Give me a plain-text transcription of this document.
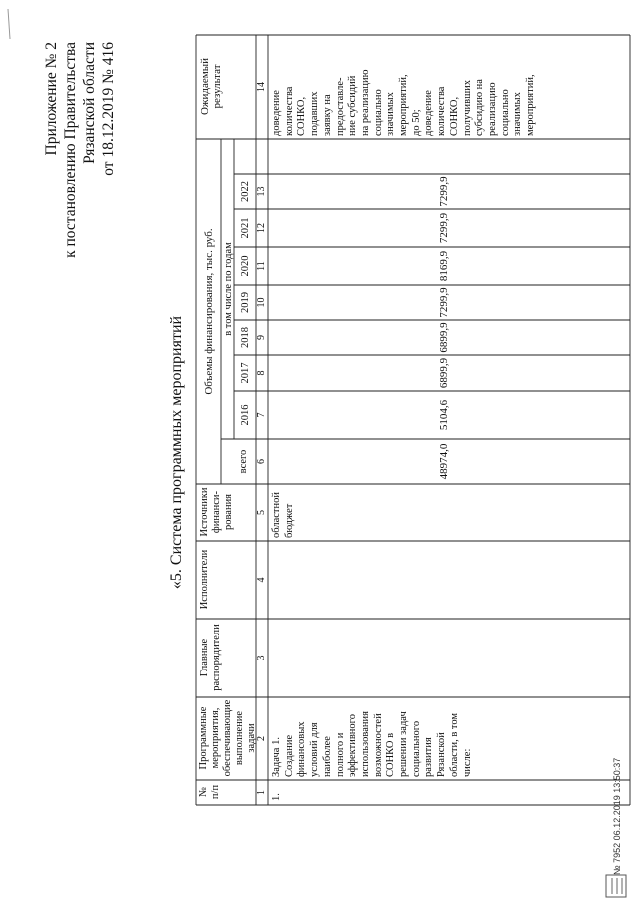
Приложение № 2 к постановлению Правительства Рязанской области от 18.12.2019 № 416
«5. Система программных мероприятий
№
п/п
Программные
мероприятия,
обеспечивающие
выполнение
задачи
Главные
распорядители
Исполнители
Источники
финанси-
рования
Объемы финансирования, тыс. руб.
всего
в том числе по годам
2016
2017
2018
2019
2020
2021
2022
Ожидаемый
результат
1
2
3
4
5
6
7
8
9
10
11
12
13
14
1.
Задача 1.
Создание
финансовых
условий для
наиболее
полного и
эффективного
использования
возможностей
СОНКО в
решении задач
социального
развития
Рязанской
области, в том
числе:
областной
бюджет
48974,0
5104,6
6899,9
6899,9
7299,9
8169,9
7299,9
7299,9
доведение
количества
СОНКО,
подавших
заявку на
предоставле-
ние субсидий
на реализацию
социально
значимых
мероприятий,
до 50;
доведение
количества
СОНКО,
получивших
субсидию на
реализацию
социально
значимых
мероприятий,
№ 7952 06.12.2019 13:50:37
